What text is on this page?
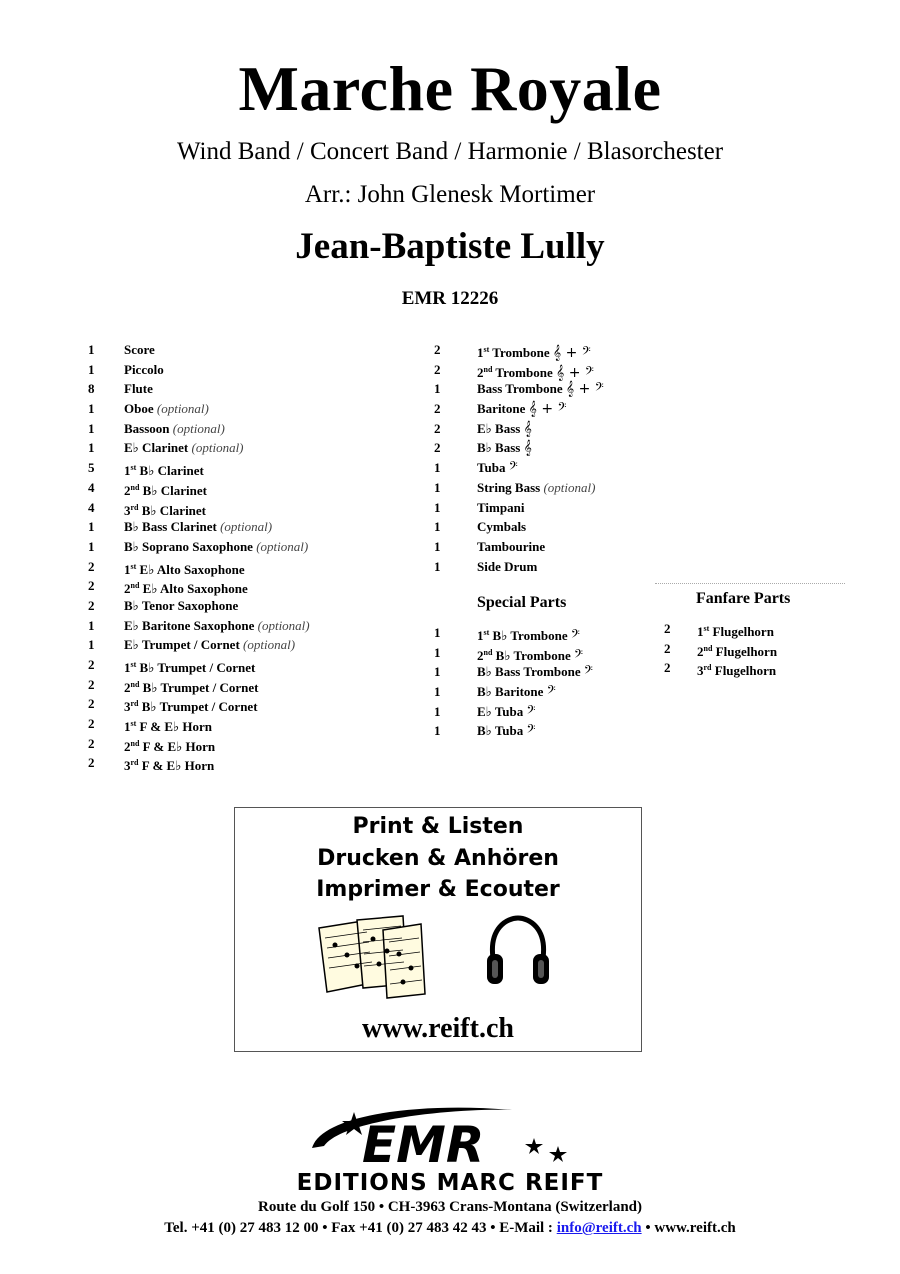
Marche Royale
Wind Band / Concert Band / Harmonie / Blasorchester
Arr.: John Glenesk Mortimer
Jean-Baptiste Lully
EMR 12226
1 Score
1 Piccolo
8 Flute
1 Oboe (optional)
1 Bassoon (optional)
1 E♭ Clarinet (optional)
5 1st B♭ Clarinet
4 2nd B♭ Clarinet
4 3rd B♭ Clarinet
1 B♭ Bass Clarinet (optional)
1 B♭ Soprano Saxophone (optional)
2 1st E♭ Alto Saxophone
2 2nd E♭ Alto Saxophone
2 B♭ Tenor Saxophone
1 E♭ Baritone Saxophone (optional)
1 E♭ Trumpet / Cornet (optional)
2 1st B♭ Trumpet / Cornet
2 2nd B♭ Trumpet / Cornet
2 3rd B♭ Trumpet / Cornet
2 1st F & E♭ Horn
2 2nd F & E♭ Horn
2 3rd F & E♭ Horn
2	1st Trombone 𝄞 + 𝄢
2	2nd Trombone 𝄞 + 𝄢
1	Bass Trombone 𝄞 + 𝄢
2	Baritone 𝄞 + 𝄢
2	E♭ Bass 𝄞
2	B♭ Bass 𝄞
1	Tuba 𝄢
1	String Bass (optional)
1	Timpani
1	Cymbals
1	Tambourine
1	Side Drum
Special Parts
1	1st B♭ Trombone 𝄢
1	2nd B♭ Trombone 𝄢
1	B♭ Bass Trombone 𝄢
1	B♭ Baritone 𝄢
1	E♭ Tuba 𝄢
1	B♭ Tuba 𝄢
Fanfare Parts
2 1st Flugelhorn
2 2nd Flugelhorn
2 3rd Flugelhorn
Print & Listen
Drucken & Anhören
Imprimer & Ecouter
www.reift.ch
EMR
EDITIONS MARC REIFT
Route du Golf 150 • CH-3963 Crans-Montana (Switzerland)
Tel. +41 (0) 27 483 12 00 • Fax +41 (0) 27 483 42 43 • E-Mail : info@reift.ch • www.reift.ch
